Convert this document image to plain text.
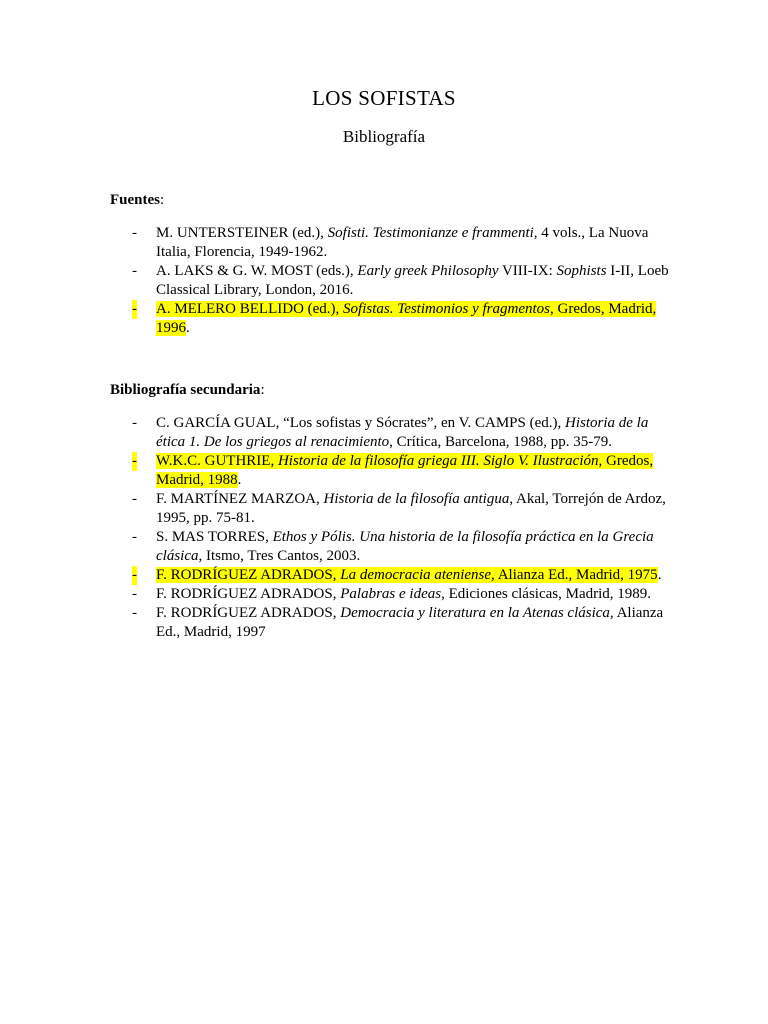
LOS SOFISTAS
Bibliografía
Fuentes:
- M. UNTERSTEINER (ed.), Sofisti. Testimonianze e frammenti, 4 vols., La Nuova Italia, Florencia, 1949-1962.
- A. LAKS & G. W. MOST (eds.), Early greek Philosophy VIII-IX: Sophists I-II, Loeb Classical Library, London, 2016.
- A. MELERO BELLIDO (ed.), Sofistas. Testimonios y fragmentos, Gredos, Madrid, 1996.
Bibliografía secundaria:
- C. GARCÍA GUAL, “Los sofistas y Sócrates”, en V. CAMPS (ed.), Historia de la ética 1. De los griegos al renacimiento, Crítica, Barcelona, 1988, pp. 35-79.
- W.K.C. GUTHRIE, Historia de la filosofía griega III. Siglo V. Ilustración, Gredos, Madrid, 1988.
- F. MARTÍNEZ MARZOA, Historia de la filosofía antigua, Akal, Torrejón de Ardoz, 1995, pp. 75-81.
- S. MAS TORRES, Ethos y Pólis. Una historia de la filosofía práctica en la Grecia clásica, Itsmo, Tres Cantos, 2003.
- F. RODRÍGUEZ ADRADOS, La democracia ateniense, Alianza Ed., Madrid, 1975.
- F. RODRÍGUEZ ADRADOS, Palabras e ideas, Ediciones clásicas, Madrid, 1989.
- F. RODRÍGUEZ ADRADOS, Democracia y literatura en la Atenas clásica, Alianza Ed., Madrid, 1997
